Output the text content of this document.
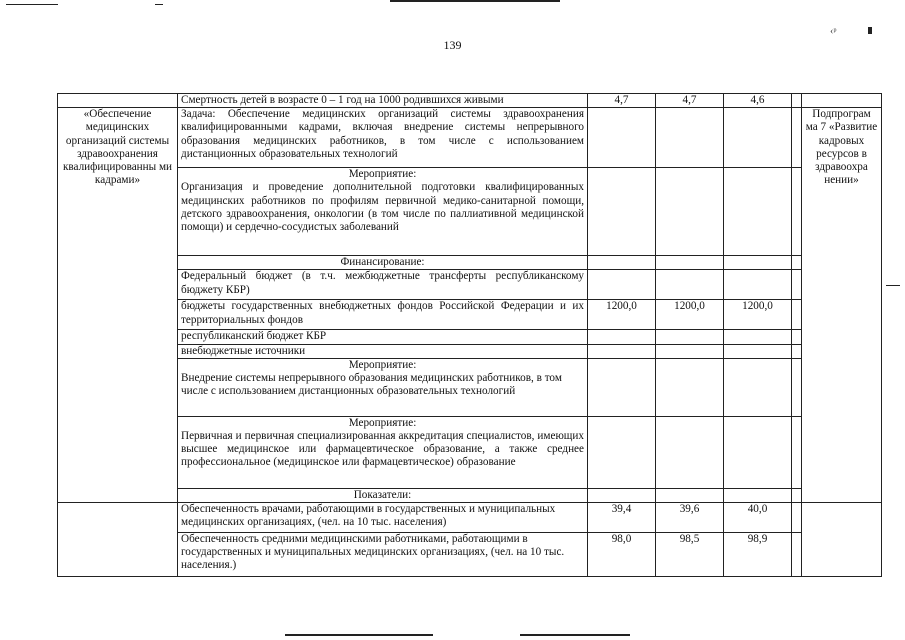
‹ᵖ
139
	Смертность детей в возрасте 0 – 1 год на 1000 родившихся живыми	4,7	4,7	4,6		
«Обеспечение медицинских организаций системы здравоохранения квалифицированны ми кадрами»	Задача: Обеспечение медицинских организаций системы здравоохранения квалифицированными кадрами, включая внедрение системы непрерывного образования медицинских работников, в том числе с использованием дистанционных образовательных технологий					Подпрограм ма 7 «Развитие кадровых ресурсов в здравоохра нении»

	Мероприятие:
Организация и проведение дополнительной подготовки квалифицированных медицинских работников по профилям первичной медико-санитарной помощи, детского здравоохранения, онкологии (в том числе по паллиативной медицинской помощи) и сердечно-сосудистых заболеваний					

	Финансирование:					
	Федеральный бюджет (в т.ч. межбюджетные трансферты республиканскому бюджету КБР)					
	бюджеты государственных внебюджетных фондов Российской Федерации и их территориальных фондов	1200,0	1200,0	1200,0		
	республиканский бюджет КБР					
	внебюджетные источники					

	Мероприятие:
Внедрение системы непрерывного образования медицинских работников, в том числе с использованием дистанционных образовательных технологий					

	Мероприятие:
Первичная и первичная специализированная аккредитация специалистов, имеющих высшее медицинское или фармацевтическое образование, а также среднее профессиональное (медицинское или фармацевтическое) образование					

	Показатели:					
	Обеспеченность врачами, работающими в государственных и муниципальных медицинских организациях, (чел. на 10 тыс. населения)	39,4	39,6	40,0		
	Обеспеченность средними медицинскими работниками, работающими в государственных и муниципальных медицинских организациях, (чел. на 10 тыс. населения.)	98,0	98,5	98,9		
